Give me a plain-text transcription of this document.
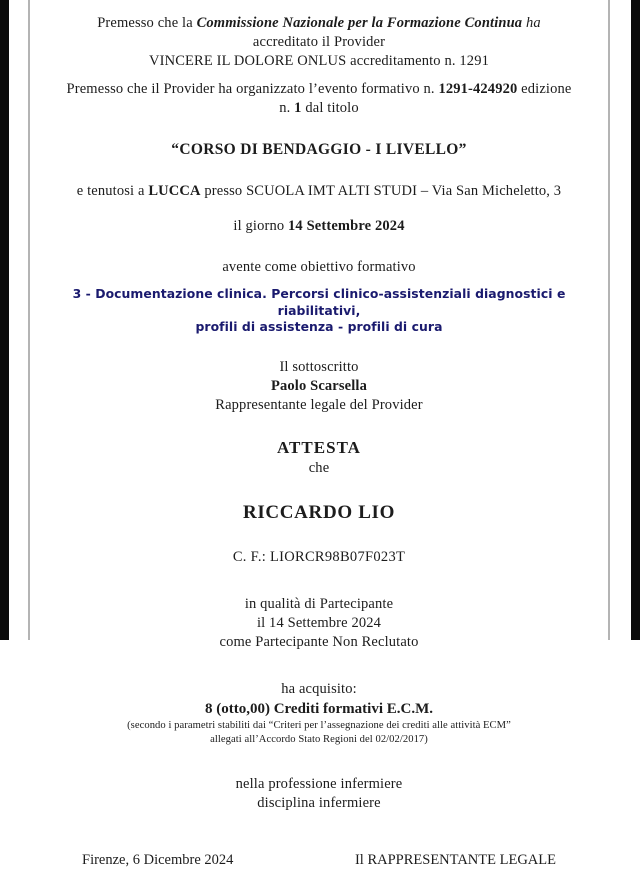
Premesso che la Commissione Nazionale per la Formazione Continua ha accreditato il Provider
VINCERE IL DOLORE ONLUS accreditamento n. 1291
Premesso che il Provider ha organizzato l’evento formativo n. 1291-424920 edizione n. 1 dal titolo
“CORSO DI BENDAGGIO - I LIVELLO”
e tenutosi a LUCCA presso SCUOLA IMT ALTI STUDI – Via San Micheletto, 3
il giorno 14 Settembre 2024
avente come obiettivo formativo
3 - Documentazione clinica. Percorsi clinico-assistenziali diagnostici e riabilitativi,
profili di assistenza - profili di cura
Il sottoscritto
Paolo Scarsella
Rappresentante legale del Provider
ATTESTA
che
RICCARDO LIO
C. F.: LIORCR98B07F023T
in qualità di Partecipante
il 14 Settembre 2024
come Partecipante Non Reclutato
ha acquisito:
8 (otto,00) Crediti formativi E.C.M.
(secondo i parametri stabiliti dai “Criteri per l’assegnazione dei crediti alle attività ECM”
allegati all’Accordo Stato Regioni del 02/02/2017)
nella professione infermiere
disciplina infermiere
Firenze, 6 Dicembre 2024	Il RAPPRESENTANTE LEGALE
